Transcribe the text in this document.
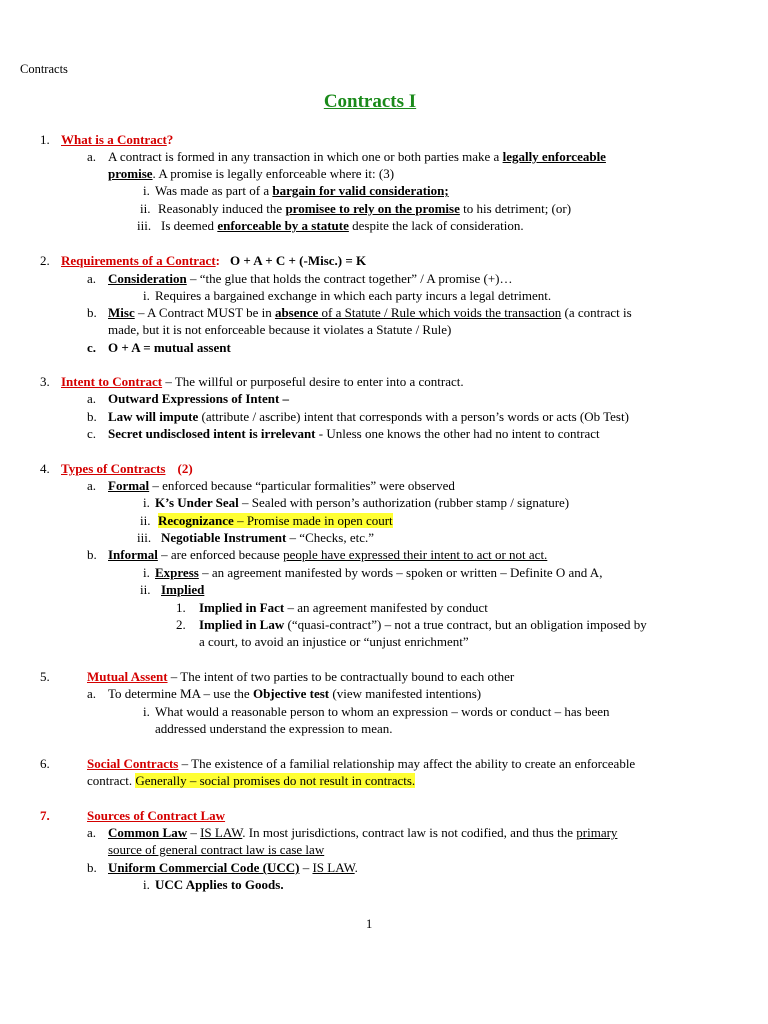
Contracts
Contracts I
1. What is a Contract?
a. A contract is formed in any transaction in which one or both parties make a legally enforceable
promise. A promise is legally enforceable where it: (3)
i. Was made as part of a bargain for valid consideration;
ii. Reasonably induced the promisee to rely on the promise to his detriment; (or)
iii. Is deemed enforceable by a statute despite the lack of consideration.
2. Requirements of a Contract: O + A + C + (-Misc.) = K
a. Consideration – “the glue that holds the contract together” / A promise (+)…
i. Requires a bargained exchange in which each party incurs a legal detriment.
b. Misc – A Contract MUST be in absence of a Statute / Rule which voids the transaction (a contract is
made, but it is not enforceable because it violates a Statute / Rule)
c. O + A = mutual assent
3. Intent to Contract – The willful or purposeful desire to enter into a contract.
a. Outward Expressions of Intent –
b. Law will impute (attribute / ascribe) intent that corresponds with a person’s words or acts (Ob Test)
c. Secret undisclosed intent is irrelevant - Unless one knows the other had no intent to contract
4. Types of Contracts (2)
a. Formal – enforced because “particular formalities” were observed
i. K’s Under Seal – Sealed with person’s authorization (rubber stamp / signature)
ii. Recognizance – Promise made in open court
iii. Negotiable Instrument – “Checks, etc.”
b. Informal – are enforced because people have expressed their intent to act or not act.
i. Express – an agreement manifested by words – spoken or written – Definite O and A,
ii. Implied
1. Implied in Fact – an agreement manifested by conduct
2. Implied in Law (“quasi-contract”) – not a true contract, but an obligation imposed by
a court, to avoid an injustice or “unjust enrichment”
5.	Mutual Assent – The intent of two parties to be contractually bound to each other
a. To determine MA – use the Objective test (view manifested intentions)
i. What would a reasonable person to whom an expression – words or conduct – has been
addressed understand the expression to mean.
6.	Social Contracts – The existence of a familial relationship may affect the ability to create an enforceable
contract. Generally – social promises do not result in contracts.
7.	Sources of Contract Law
a. Common Law – IS LAW. In most jurisdictions, contract law is not codified, and thus the primary
source of general contract law is case law
b. Uniform Commercial Code (UCC) – IS LAW.
i. UCC Applies to Goods.
1
